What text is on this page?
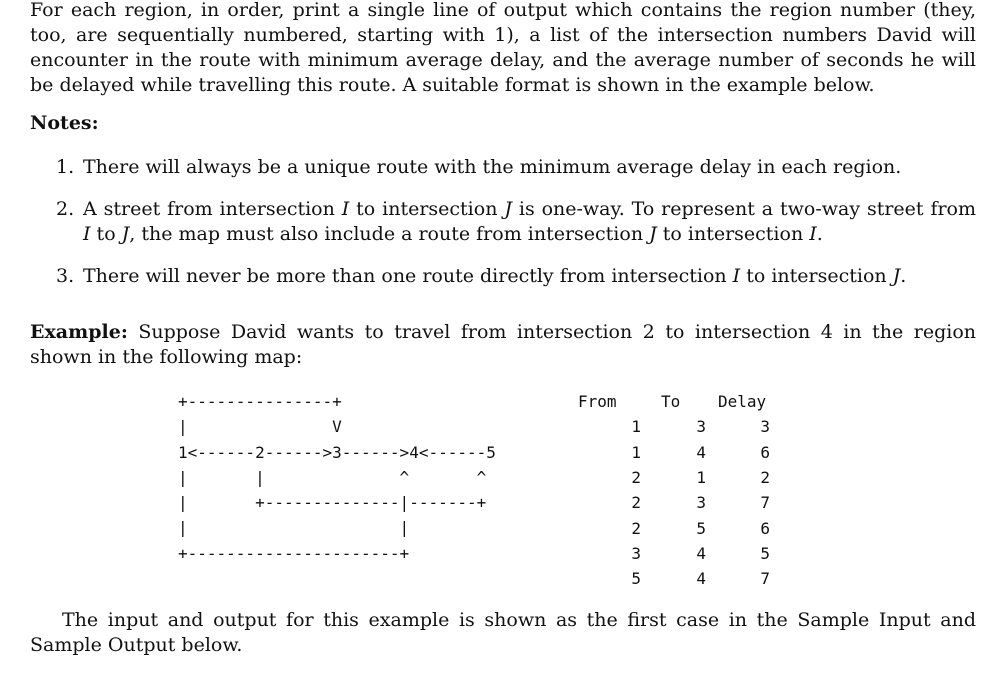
For each region, in order, print a single line of output which contains the region number (they, too, are sequentially numbered, starting with 1), a list of the intersection numbers David will encounter in the route with minimum average delay, and the average number of seconds he will be delayed while travelling this route. A suitable format is shown in the example below.

Notes:
1. There will always be a unique route with the minimum average delay in each region.
2. A street from intersection I to intersection J is one-way. To represent a two-way street from I to J, the map must also include a route from intersection J to intersection I.
3. There will never be more than one route directly from intersection I to intersection J.

Example: Suppose David wants to travel from intersection 2 to intersection 4 in the region shown in the following map:

The input and output for this example is shown as the first case in the Sample Input and Sample Output below.

+---------------+
|               V
1<------2------>3------>4<------5
|       |              ^       ^
|       +--------------|-------+
|                      |
+----------------------+
From	To	Delay
1	3	3
1	4	6
2	1	2
2	3	7
2	5	6
3	4	5
5	4	7
